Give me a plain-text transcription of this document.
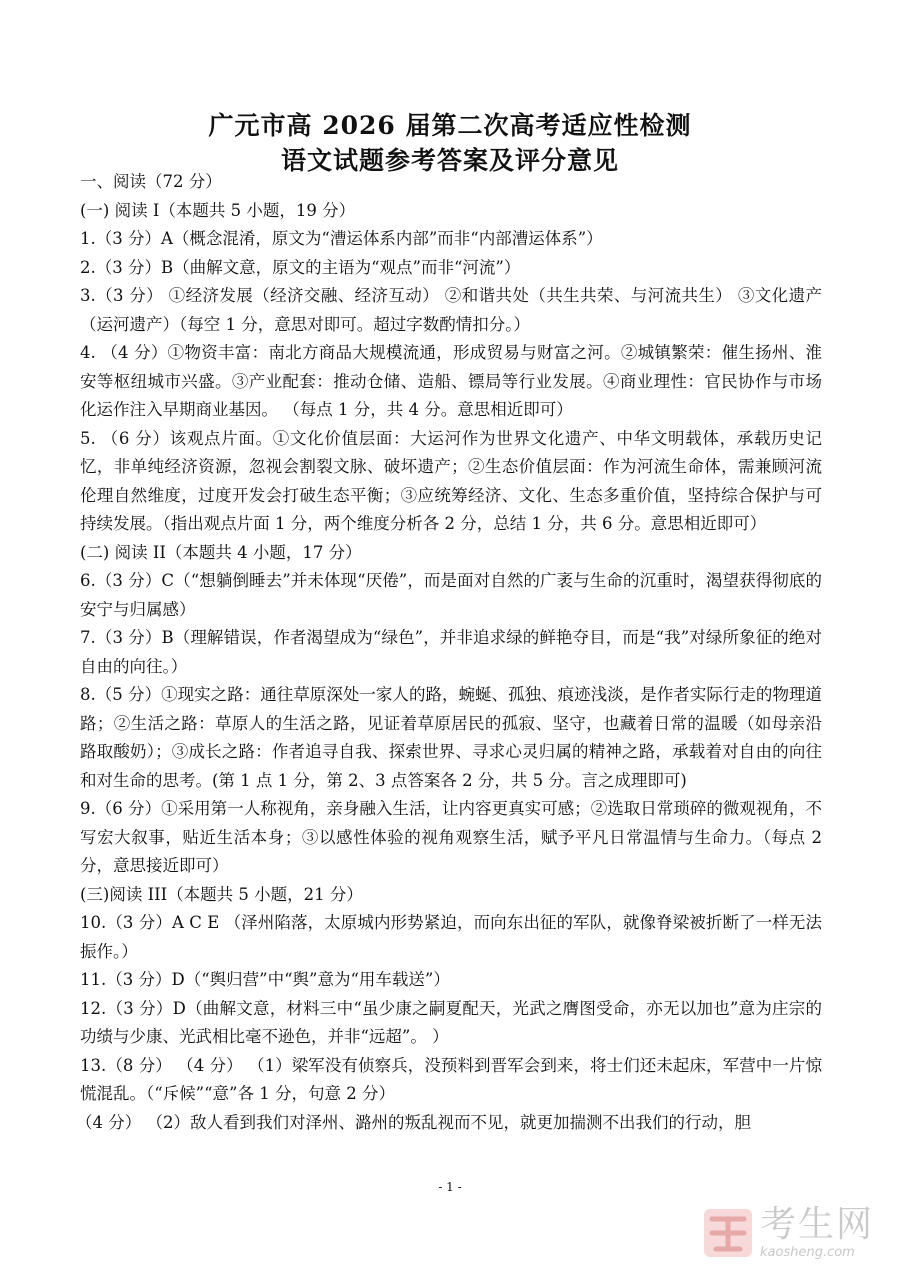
广元市高 2026 届第二次高考适应性检测
语文试题参考答案及评分意见

一、阅读（72 分）

(一) 阅读 I（本题共 5 小题，19 分）

1.（3 分）A（概念混淆，原文为“漕运体系内部”而非“内部漕运体系”）

2.（3 分）B（曲解文意，原文的主语为“观点”而非“河流”）

3.（3 分） ①经济发展（经济交融、经济互动） ②和谐共处（共生共荣、与河流共生） ③文化遗产（运河遗产）（每空 1 分，意思对即可。超过字数酌情扣分。）

4. （4 分）①物资丰富：南北方商品大规模流通，形成贸易与财富之河。②城镇繁荣：催生扬州、淮安等枢纽城市兴盛。③产业配套：推动仓储、造船、镖局等行业发展。④商业理性：官民协作与市场化运作注入早期商业基因。 （每点 1 分，共 4 分。意思相近即可）

5. （6 分）该观点片面。①文化价值层面：大运河作为世界文化遗产、中华文明载体，承载历史记忆，非单纯经济资源，忽视会割裂文脉、破坏遗产；②生态价值层面：作为河流生命体，需兼顾河流伦理自然维度，过度开发会打破生态平衡；③应统筹经济、文化、生态多重价值，坚持综合保护与可持续发展。（指出观点片面 1 分，两个维度分析各 2 分，总结 1 分，共 6 分。意思相近即可）

(二) 阅读 II（本题共 4 小题，17 分）

6.（3 分）C（“想躺倒睡去”并未体现“厌倦”，而是面对自然的广袤与生命的沉重时，渴望获得彻底的安宁与归属感）

7.（3 分）B（理解错误，作者渴望成为“绿色”，并非追求绿的鲜艳夺目，而是“我”对绿所象征的绝对自由的向往。）

8.（5 分）①现实之路：通往草原深处一家人的路，蜿蜒、孤独、痕迹浅淡，是作者实际行走的物理道路；②生活之路：草原人的生活之路，见证着草原居民的孤寂、坚守，也藏着日常的温暖（如母亲沿路取酸奶）；③成长之路：作者追寻自我、探索世界、寻求心灵归属的精神之路，承载着对自由的向往和对生命的思考。(第 1 点 1 分，第 2、3 点答案各 2 分，共 5 分。言之成理即可)

9.（6 分）①采用第一人称视角，亲身融入生活，让内容更真实可感；②选取日常琐碎的微观视角，不写宏大叙事，贴近生活本身；③以感性体验的视角观察生活，赋予平凡日常温情与生命力。（每点 2 分，意思接近即可）

(三)阅读 III（本题共 5 小题，21 分）

10.（3 分）A C E （泽州陷落，太原城内形势紧迫，而向东出征的军队，就像脊梁被折断了一样无法振作。）

11.（3 分）D（“舆归营”中“舆”意为“用车载送”）

12.（3 分）D（曲解文意，材料三中“虽少康之嗣夏配天，光武之膺图受命，亦无以加也”意为庄宗的功绩与少康、光武相比毫不逊色，并非“远超”。 ）

13.（8 分） （4 分） （1）梁军没有侦察兵，没预料到晋军会到来，将士们还未起床，军营中一片惊慌混乱。（“斥候”“意”各 1 分，句意 2 分）

（4 分） （2）敌人看到我们对泽州、潞州的叛乱视而不见，就更加揣测不出我们的行动，胆

- 1 -
考生网
kaosheng.com
